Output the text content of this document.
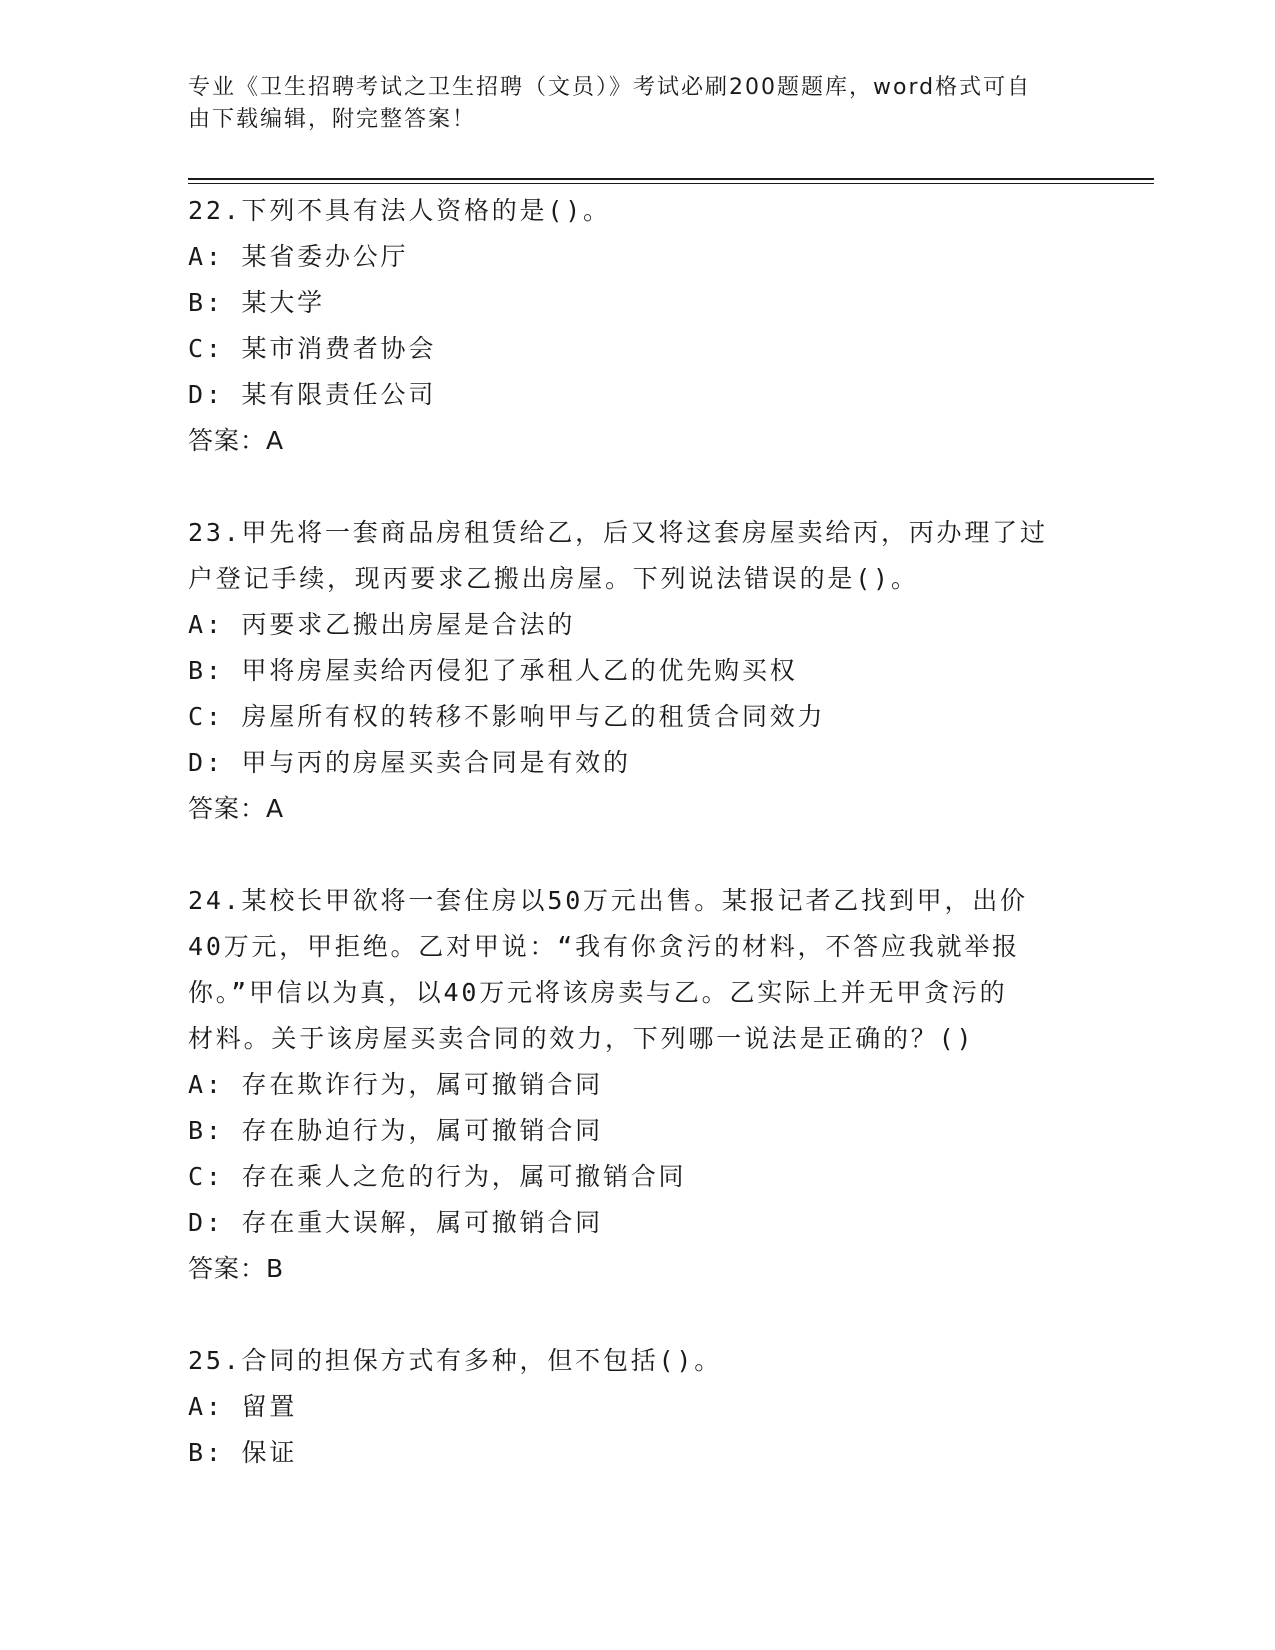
专业《卫生招聘考试之卫生招聘（文员）》考试必刷200题题库，word格式可自
由下载编辑，附完整答案！
22.下列不具有法人资格的是()。
A: 某省委办公厅
B: 某大学
C: 某市消费者协会
D: 某有限责任公司
答案：A
23.甲先将一套商品房租赁给乙，后又将这套房屋卖给丙，丙办理了过
户登记手续，现丙要求乙搬出房屋。下列说法错误的是()。
A: 丙要求乙搬出房屋是合法的
B: 甲将房屋卖给丙侵犯了承租人乙的优先购买权
C: 房屋所有权的转移不影响甲与乙的租赁合同效力
D: 甲与丙的房屋买卖合同是有效的
答案：A
24.某校长甲欲将一套住房以50万元出售。某报记者乙找到甲，出价
40万元，甲拒绝。乙对甲说：“我有你贪污的材料，不答应我就举报
你。”甲信以为真，以40万元将该房卖与乙。乙实际上并无甲贪污的
材料。关于该房屋买卖合同的效力，下列哪一说法是正确的？()
A: 存在欺诈行为，属可撤销合同
B: 存在胁迫行为，属可撤销合同
C: 存在乘人之危的行为，属可撤销合同
D: 存在重大误解，属可撤销合同
答案：B
25.合同的担保方式有多种，但不包括()。
A: 留置
B: 保证
